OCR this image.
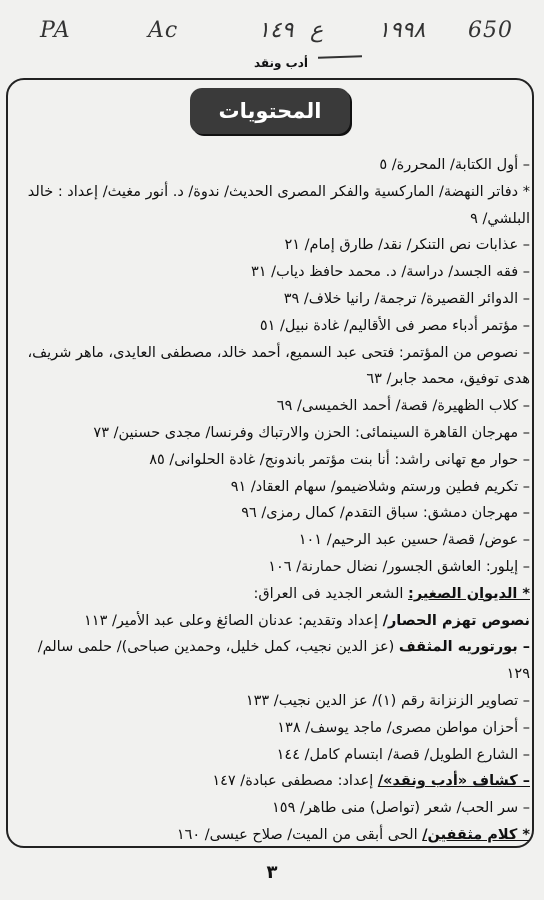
PA	Ac	١٤٩ ع ١٩٩٨ 650
أدب ونقد
المحتويات
– أول الكتابة/ المحررة/ ٥
* دفاتر النهضة/ الماركسية والفكر المصرى الحديث/ ندوة/ د. أنور مغيث/ إعداد : خالد البلشي/ ٩
– عذابات نص التنكر/ نقد/ طارق إمام/ ٢١
– فقه الجسد/ دراسة/ د. محمد حافظ دياب/ ٣١
– الدوائر القصيرة/ ترجمة/ رانيا خلاف/ ٣٩
– مؤتمر أدباء مصر فى الأقاليم/ غادة نبيل/ ٥١
– نصوص من المؤتمر: فتحى عبد السميع، أحمد خالد، مصطفى العايدى، ماهر شريف، هدى توفيق، محمد جابر/ ٦٣
– كلاب الظهيرة/ قصة/ أحمد الخميسى/ ٦٩
– مهرجان القاهرة السينمائى: الحزن والارتباك وفرنسا/ مجدى حسنين/ ٧٣
– حوار مع تهانى راشد: أنا بنت مؤتمر باندونج/ غادة الحلوانى/ ٨٥
– تكريم فطين ورستم وشلاضيمو/ سهام العقاد/ ٩١
– مهرجان دمشق: سباق التقدم/ كمال رمزى/ ٩٦
– عوض/ قصة/ حسين عبد الرحيم/ ١٠١
– إيلور: العاشق الجسور/ نضال حمارنة/ ١٠٦
* الديوان الصغير: الشعر الجديد فى العراق:
نصوص تهزم الحصار/ إعداد وتقديم: عدنان الصائغ وعلى عبد الأمير/ ١١٣
– بورتوريه المثقف (عز الدين نجيب، كمل خليل، وحمدين صباحى)/ حلمى سالم/ ١٢٩
– تصاوير الزنزانة رقم (١)/ عز الدين نجيب/ ١٣٣
– أحزان مواطن مصرى/ ماجد يوسف/ ١٣٨
– الشارع الطويل/ قصة/ ابتسام كامل/ ١٤٤
– كشاف «أدب ونقد»/ إعداد: مصطفى عبادة/ ١٤٧
– سر الحب/ شعر (تواصل) منى طاهر/ ١٥٩
* كلام مثقفين/ الحى أبقى من الميت/ صلاح عيسى/ ١٦٠
٣
